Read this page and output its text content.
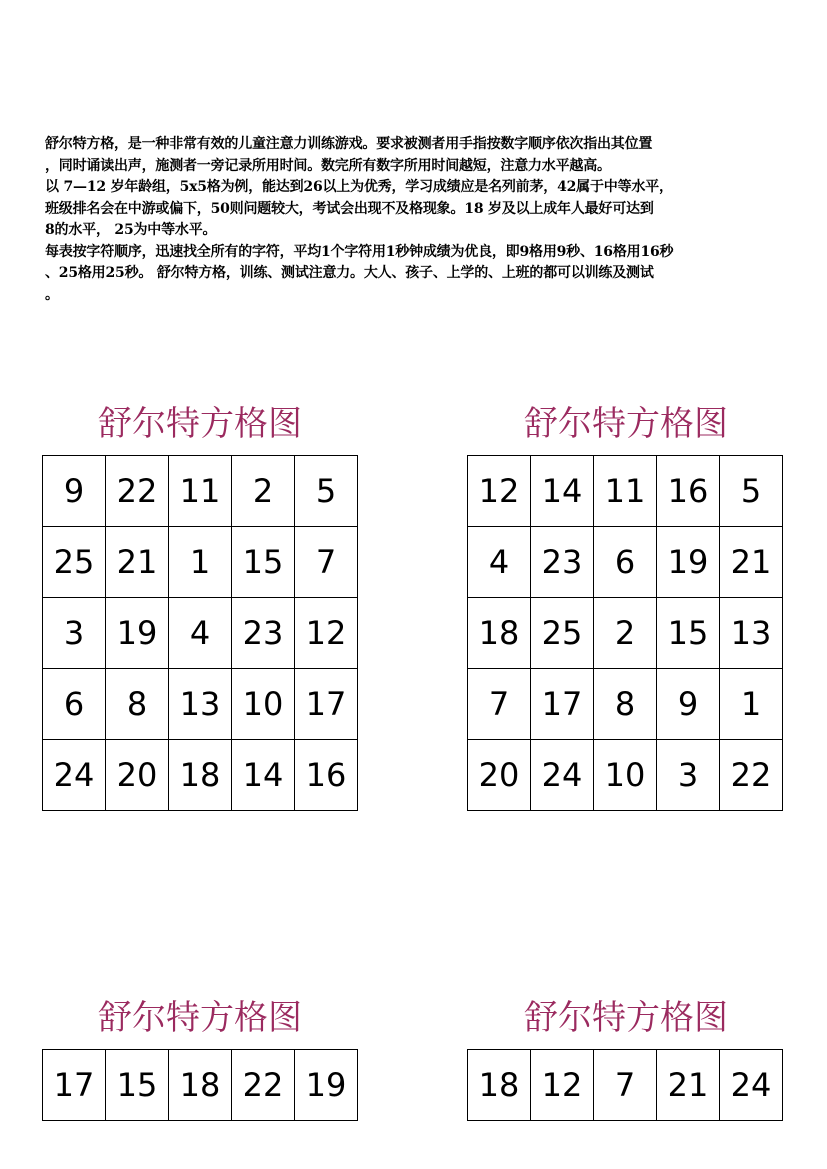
舒尔特方格，是一种非常有效的儿童注意力训练游戏。要求被测者用手指按数字顺序依次指出其位置
，同时诵读出声，施测者一旁记录所用时间。数完所有数字所用时间越短，注意力水平越高。
以 7—12 岁年龄组，5x5格为例，能达到26以上为优秀，学习成绩应是名列前茅，42属于中等水平，
班级排名会在中游或偏下，50则问题较大，考试会出现不及格现象。18 岁及以上成年人最好可达到
8的水平， 25为中等水平。
每表按字符顺序，迅速找全所有的字符，平均1个字符用1秒钟成绩为优良，即9格用9秒、16格用16秒
、25格用25秒。 舒尔特方格，训练、测试注意力。大人、孩子、上学的、上班的都可以训练及测试
。
舒尔特方格图
9	22	11	2	5
25	21	1	15	7
3	19	4	23	12
6	8	13	10	17
24	20	18	14	16
舒尔特方格图
12	14	11	16	5
4	23	6	19	21
18	25	2	15	13
7	17	8	9	1
20	24	10	3	22
舒尔特方格图
17	15	18	22	19
舒尔特方格图
18	12	7	21	24
